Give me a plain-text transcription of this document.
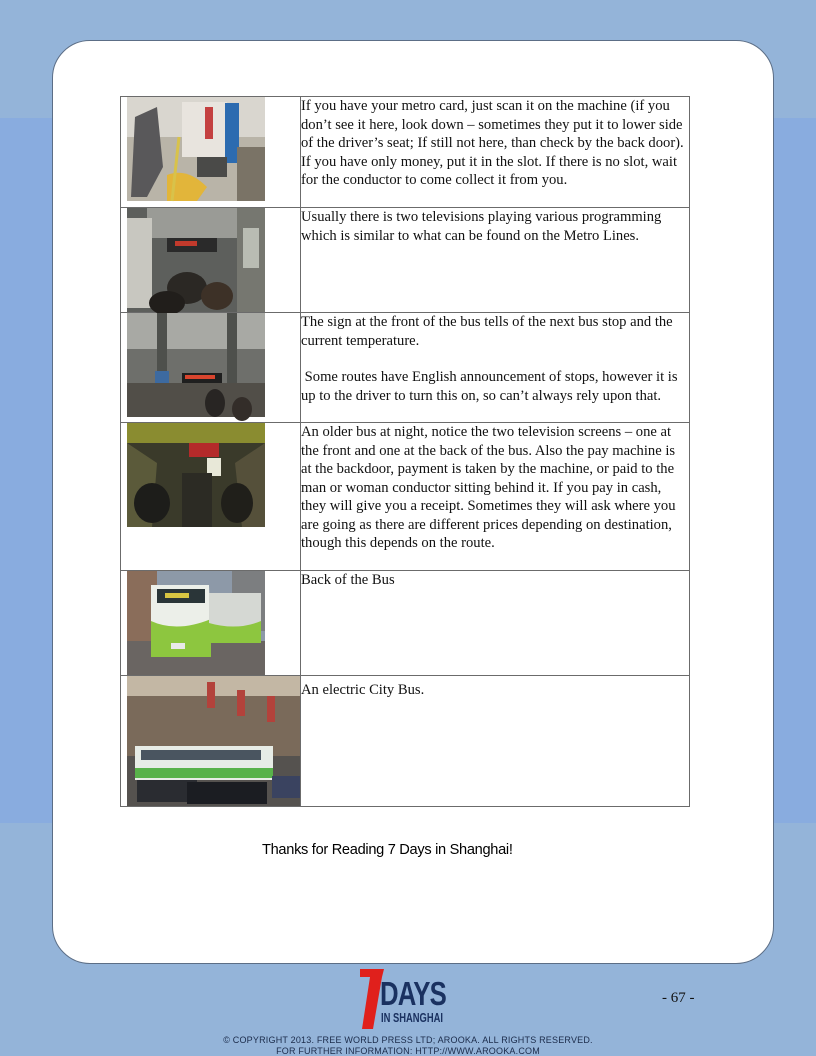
If you have your metro card, just scan it on the machine (if you don’t see it here, look down – sometimes they put it to lower side of the driver’s seat; If still not here, than check by the back door).

If you have only money, put it in the slot. If there is no slot, wait for the conductor to come collect it from you.

Usually there is two televisions playing various programming which is similar to what can be found on the Metro Lines.

The sign at the front of the bus tells of the next bus stop and the current temperature.

Some routes have English announcement of stops, however it is up to the driver to turn this on, so can’t always rely upon that.

An older bus at night, notice the two television screens – one at the front and one at the back of the bus. Also the pay machine is at the backdoor, payment is taken by the machine, or paid to the man or woman conductor sitting behind it. If you pay in cash, they will give you a receipt. Sometimes they will ask where you are going as there are different prices depending on destination, though this depends on the route.

Back of the Bus

An electric City Bus.

Thanks for Reading 7 Days in Shanghai!
DAYS
IN SHANGHAI
- 67 -
© COPYRIGHT 2013. FREE WORLD PRESS LTD; AROOKA. ALL RIGHTS RESERVED.
FOR FURTHER INFORMATION: HTTP://WWW.AROOKA.COM
